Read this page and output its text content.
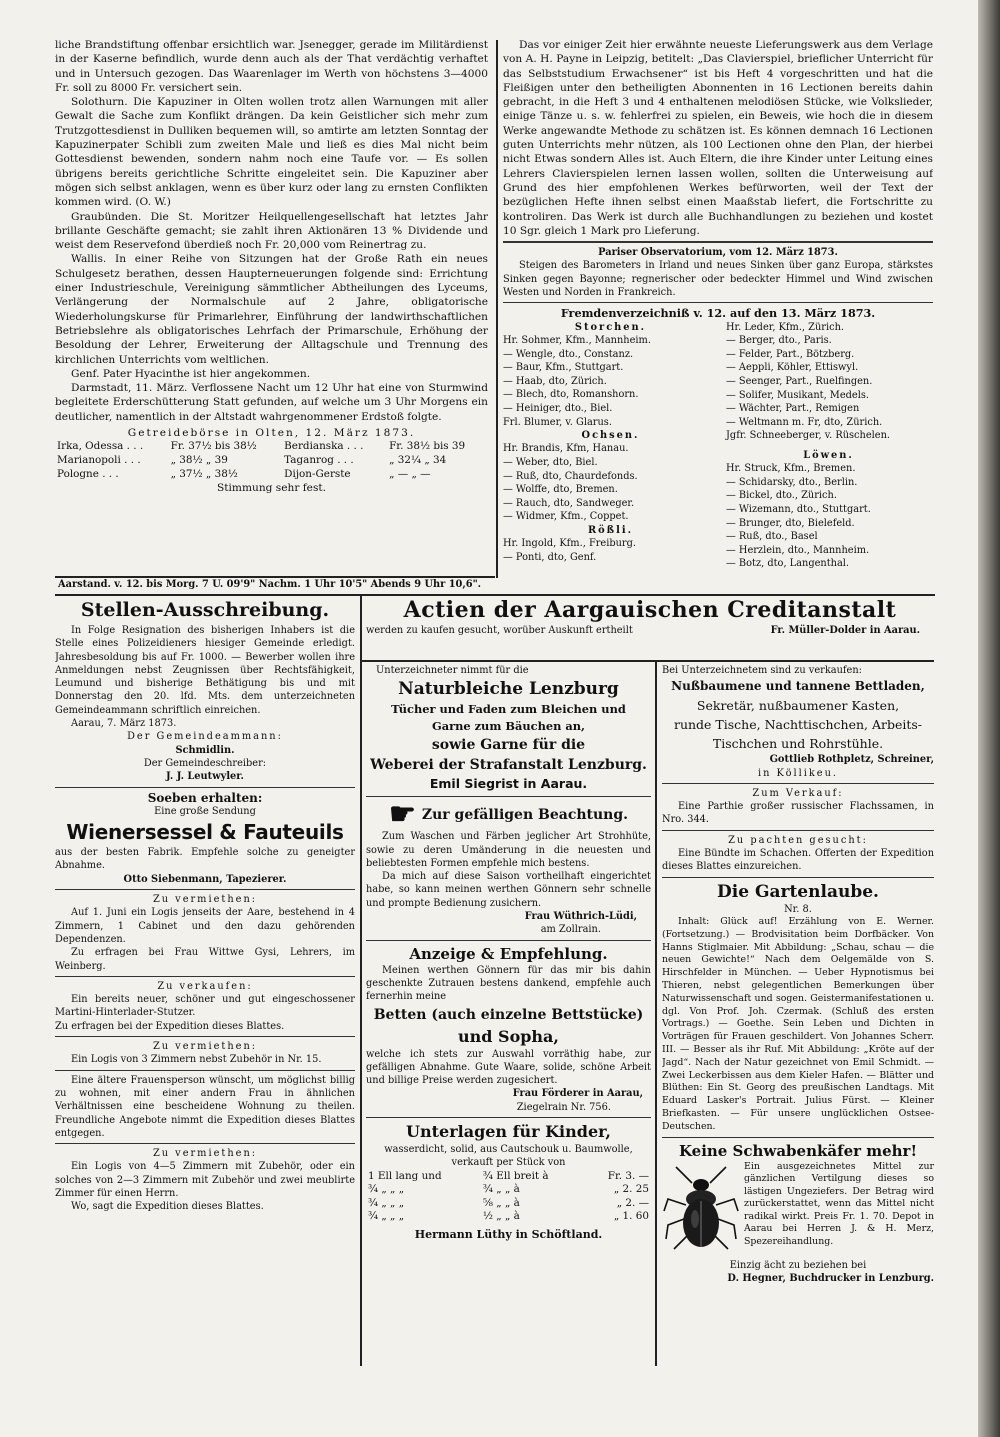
liche Brandstiftung offenbar ersichtlich war. Jsenegger, gerade im Militärdienst in der Kaserne befindlich, wurde denn auch als der That verdächtig verhaftet und in Untersuch gezogen. Das Waarenlager im Werth von höchstens 3—4000 Fr. soll zu 8000 Fr. versichert sein.

Solothurn. Die Kapuziner in Olten wollen trotz allen Warnungen mit aller Gewalt die Sache zum Konflikt drängen. Da kein Geistlicher sich mehr zum Trutzgottesdienst in Dulliken bequemen will, so amtirte am letzten Sonntag der Kapuzinerpater Schibli zum zweiten Male und ließ es dies Mal nicht beim Gottesdienst bewenden, sondern nahm noch eine Taufe vor. — Es sollen übrigens bereits gerichtliche Schritte eingeleitet sein. Die Kapuziner aber mögen sich selbst anklagen, wenn es über kurz oder lang zu ernsten Conflikten kommen wird. (O. W.)

Graubünden. Die St. Moritzer Heilquellengesellschaft hat letztes Jahr brillante Geschäfte gemacht; sie zahlt ihren Aktionären 13 % Dividende und weist dem Reservefond überdieß noch Fr. 20,000 vom Reinertrag zu.

Wallis. In einer Reihe von Sitzungen hat der Große Rath ein neues Schulgesetz berathen, dessen Haupterneuerungen folgende sind: Errichtung einer Industrieschule, Vereinigung sämmtlicher Abtheilungen des Lyceums, Verlängerung der Normalschule auf 2 Jahre, obligatorische Wiederholungskurse für Primarlehrer, Einführung der landwirthschaftlichen Betriebslehre als obligatorisches Lehrfach der Primarschule, Erhöhung der Besoldung der Lehrer, Erweiterung der Alltagschule und Trennung des kirchlichen Unterrichts vom weltlichen.

Genf. Pater Hyacinthe ist hier angekommen.

Darmstadt, 11. März. Verflossene Nacht um 12 Uhr hat eine von Sturmwind begleitete Erderschütterung Statt gefunden, auf welche um 3 Uhr Morgens ein deutlicher, namentlich in der Altstadt wahrgenommener Erdstoß folgte.

Getreidebörse in Olten, 12. März 1873.

Irka, Odessa . . .	Fr. 37½ bis 38½	Berdianska . . .	Fr. 38½ bis 39
Marianopoli . . .	„ 38½ „ 39	Taganrog . . .	„ 32¼ „ 34
Pologne . . .	„ 37½ „ 38½	Dijon-Gerste	„ — „ —

Stimmung sehr fest.

Das vor einiger Zeit hier erwähnte neueste Lieferungswerk aus dem Verlage von A. H. Payne in Leipzig, betitelt: „Das Clavierspiel, brieflicher Unterricht für das Selbststudium Erwachsener“ ist bis Heft 4 vorgeschritten und hat die Fleißigen unter den betheiligten Abonnenten in 16 Lectionen bereits dahin gebracht, in die Heft 3 und 4 enthaltenen melodiösen Stücke, wie Volkslieder, einige Tänze u. s. w. fehlerfrei zu spielen, ein Beweis, wie hoch die in diesem Werke angewandte Methode zu schätzen ist. Es können demnach 16 Lectionen guten Unterrichts mehr nützen, als 100 Lectionen ohne den Plan, der hierbei nicht Etwas sondern Alles ist. Auch Eltern, die ihre Kinder unter Leitung eines Lehrers Clavierspielen lernen lassen wollen, sollten die Unterweisung auf Grund des hier empfohlenen Werkes befürworten, weil der Text der bezüglichen Hefte ihnen selbst einen Maaßstab liefert, die Fortschritte zu kontroliren. Das Werk ist durch alle Buchhandlungen zu beziehen und kostet 10 Sgr. gleich 1 Mark pro Lieferung.

Pariser Observatorium, vom 12. März 1873.

Steigen des Barometers in Irland und neues Sinken über ganz Europa, stärkstes Sinken gegen Bayonne; regnerischer oder bedeckter Himmel und Wind zwischen Westen und Norden in Frankreich.

Fremdenverzeichniß v. 12. auf den 13. März 1873.

Storchen.

Hr. Sohmer, Kfm., Mannheim.

— Wengle, dto., Constanz.

— Baur, Kfm., Stuttgart.

— Haab, dto, Zürich.

— Blech, dto, Romanshorn.

— Heiniger, dto., Biel.

Frl. Blumer, v. Glarus.

Ochsen.

Hr. Brandis, Kfm, Hanau.

— Weber, dto, Biel.

— Ruß, dto, Chaurdefonds.

— Wolffe, dto, Bremen.

— Rauch, dto, Sandweger.

— Widmer, Kfm., Coppet.

Rößli.

Hr. Ingold, Kfm., Freiburg.

— Ponti, dto, Genf.

Hr. Leder, Kfm., Zürich.

— Berger, dto., Paris.

— Felder, Part., Bötzberg.

— Aeppli, Köhler, Ettiswyl.

— Seenger, Part., Ruelfingen.

— Solifer, Musikant, Medels.

— Wächter, Part., Remigen

— Weltmann m. Fr, dto, Zürich.

Jgfr. Schneeberger, v. Rüschelen.

Löwen.

Hr. Struck, Kfm., Bremen.

— Schidarsky, dto., Berlin.

— Bickel, dto., Zürich.

— Wizemann, dto., Stuttgart.

— Brunger, dto, Bielefeld.

— Ruß, dto., Basel

— Herzlein, dto., Mannheim.

— Botz, dto, Langenthal.

Aarstand. v. 12. bis Morg. 7 U. 09'9" Nachm. 1 Uhr 10'5" Abends 9 Uhr 10,6".

Stellen-Ausschreibung.

In Folge Resignation des bisherigen Inhabers ist die Stelle eines Polizeidieners hiesiger Gemeinde erledigt. Jahresbesoldung bis auf Fr. 1000. — Bewerber wollen ihre Anmeldungen nebst Zeugnissen über Rechtsfähigkeit, Leumund und bisherige Bethätigung bis und mit Donnerstag den 20. lfd. Mts. dem unterzeichneten Gemeindeammann schriftlich einreichen.

Aarau, 7. März 1873.

Der Gemeindeammann:

Schmidlin.

Der Gemeindeschreiber:

J. J. Leutwyler.

Soeben erhalten:

Eine große Sendung

Wienersessel & Fauteuils

aus der besten Fabrik. Empfehle solche zu geneigter Abnahme.

Otto Siebenmann, Tapezierer.

Zu vermiethen:

Auf 1. Juni ein Logis jenseits der Aare, bestehend in 4 Zimmern, 1 Cabinet und den dazu gehörenden Dependenzen.

Zu erfragen bei Frau Wittwe Gysi, Lehrers, im Weinberg.

Zu verkaufen:

Ein bereits neuer, schöner und gut eingeschossener Martini-Hinterlader-Stutzer.

Zu erfragen bei der Expedition dieses Blattes.

Zu vermiethen:

Ein Logis von 3 Zimmern nebst Zubehör in Nr. 15.

Eine ältere Frauensperson wünscht, um möglichst billig zu wohnen, mit einer andern Frau in ähnlichen Verhältnissen eine bescheidene Wohnung zu theilen. Freundliche Angebote nimmt die Expedition dieses Blattes entgegen.

Zu vermiethen:

Ein Logis von 4—5 Zimmern mit Zubehör, oder ein solches von 2—3 Zimmern mit Zubehör und zwei meublirte Zimmer für einen Herrn.

Wo, sagt die Expedition dieses Blattes.

Actien der Aargauischen Creditanstalt
werden zu kaufen gesucht, worüber Auskunft ertheilt	Fr. Müller-Dolder in Aarau.

Unterzeichneter nimmt für die

Naturbleiche Lenzburg

Tücher und Faden zum Bleichen und

Garne zum Bäuchen an,

sowie Garne für die

Weberei der Strafanstalt Lenzburg.

Emil Siegrist in Aarau.

☛ Zur gefälligen Beachtung.

Zum Waschen und Färben jeglicher Art Strohhüte, sowie zu deren Umänderung in die neuesten und beliebtesten Formen empfehle mich bestens.

Da mich auf diese Saison vortheilhaft eingerichtet habe, so kann meinen werthen Gönnern sehr schnelle und prompte Bedienung zusichern.

Frau Wüthrich-Lüdi,

am Zollrain.

Anzeige & Empfehlung.

Meinen werthen Gönnern für das mir bis dahin geschenkte Zutrauen bestens dankend, empfehle auch fernerhin meine

Betten (auch einzelne Bettstücke)
und Sopha,

welche ich stets zur Auswahl vorräthig habe, zur gefälligen Abnahme. Gute Waare, solide, schöne Arbeit und billige Preise werden zugesichert.

Frau Förderer in Aarau,

Ziegelrain Nr. 756.

Unterlagen für Kinder,

wasserdicht, solid, aus Cautschouk u. Baumwolle,

verkauft per Stück von

1 Ell lang und	¾ Ell breit à	Fr. 3. —
¾ „ „ „	¾ „ „ à	„ 2. 25
¾ „ „ „	⅝ „ „ à	„ 2. —
¾ „ „ „	½ „ „ à	„ 1. 60

Hermann Lüthy in Schöftland.

Bei Unterzeichnetem sind zu verkaufen:

Nußbaumene und tannene Bettladen,

Sekretär, nußbaumener Kasten,

runde Tische, Nachttischchen, Arbeits-

Tischchen und Rohrstühle.

Gottlieb Rothpletz, Schreiner,

in Köllikeu.

Zum Verkauf:

Eine Parthie großer russischer Flachssamen, in Nro. 344.

Zu pachten gesucht:

Eine Bündte im Schachen. Offerten der Expedition dieses Blattes einzureichen.

Die Gartenlaube.

Nr. 8.

Inhalt: Glück auf! Erzählung von E. Werner. (Fortsetzung.) — Brodvisitation beim Dorfbäcker. Von Hanns Stiglmaier. Mit Abbildung: „Schau, schau — die neuen Gewichte!“ Nach dem Oelgemälde von S. Hirschfelder in München. — Ueber Hypnotismus bei Thieren, nebst gelegentlichen Bemerkungen über Naturwissenschaft und sogen. Geistermanifestationen u. dgl. Von Prof. Joh. Czermak. (Schluß des ersten Vortrags.) — Goethe. Sein Leben und Dichten in Vorträgen für Frauen geschildert. Von Johannes Scherr. III. — Besser als ihr Ruf. Mit Abbildung: „Kröte auf der Jagd“. Nach der Natur gezeichnet von Emil Schmidt. — Zwei Leckerbissen aus dem Kieler Hafen. — Blätter und Blüthen: Ein St. Georg des preußischen Landtags. Mit Eduard Lasker's Portrait. Julius Fürst. — Kleiner Briefkasten. — Für unsere unglücklichen Ostsee-Deutschen.

Keine Schwabenkäfer mehr!

Ein ausgezeichnetes Mittel zur gänzlichen Vertilgung dieses so lästigen Ungeziefers. Der Betrag wird zurückerstattet, wenn das Mittel nicht radikal wirkt. Preis Fr. 1. 70. Depot in Aarau bei Herren J. & H. Merz, Spezereihandlung.

Einzig ächt zu beziehen bei

D. Hegner, Buchdrucker in Lenzburg.
